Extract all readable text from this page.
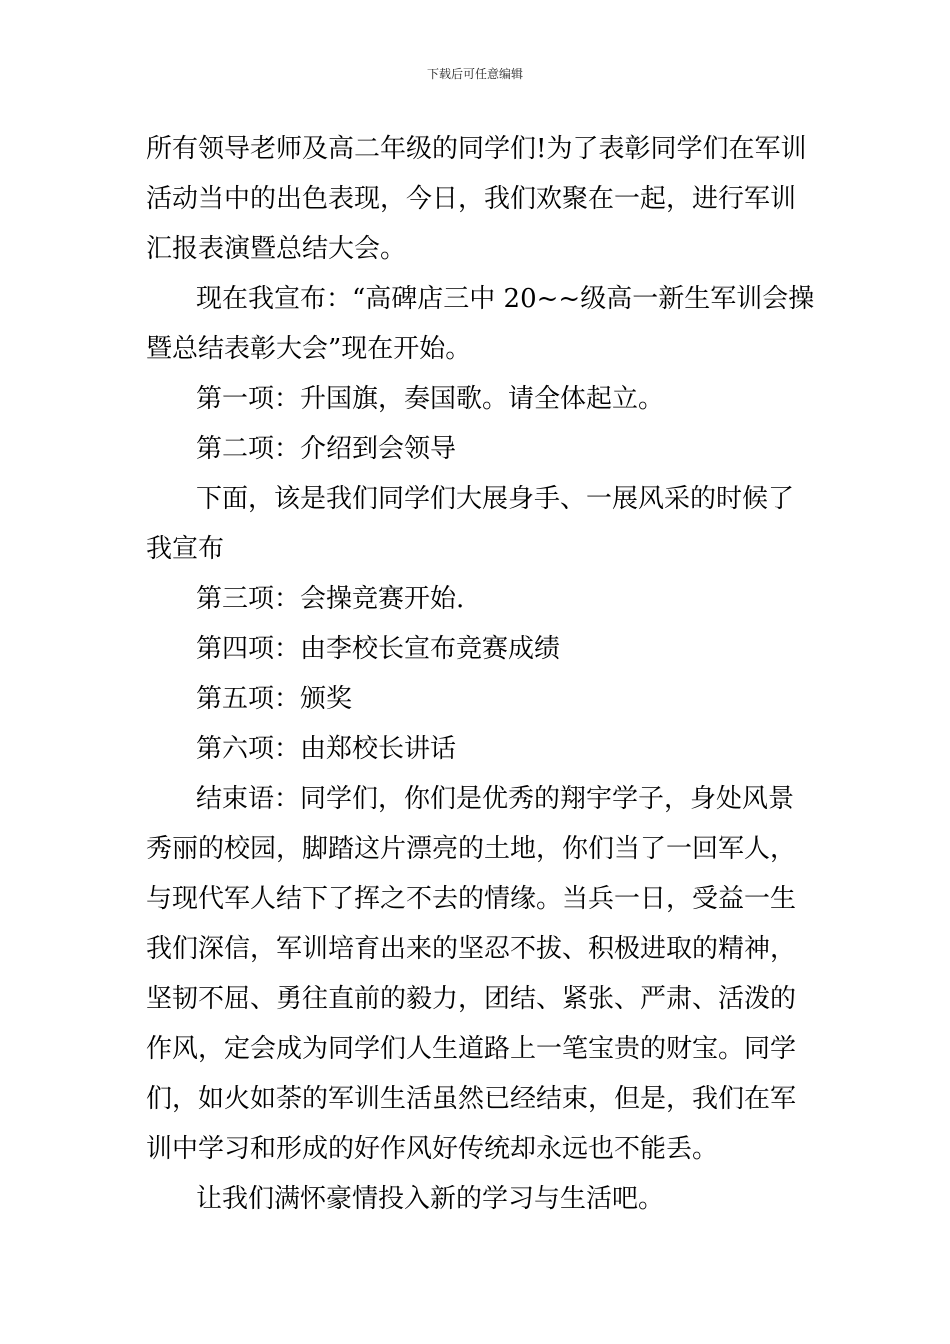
下载后可任意编辑
所有领导老师及高二年级的同学们!为了表彰同学们在军训
活动当中的出色表现，今日，我们欢聚在一起，进行军训
汇报表演暨总结大会。
现在我宣布：“高碑店三中 20~~级高一新生军训会操
暨总结表彰大会”现在开始。
第一项：升国旗，奏国歌。请全体起立。
第二项：介绍到会领导
下面，该是我们同学们大展身手、一展风采的时候了
我宣布
第三项：会操竞赛开始.
第四项：由李校长宣布竞赛成绩
第五项：颁奖
第六项：由郑校长讲话
结束语：同学们，你们是优秀的翔宇学子，身处风景
秀丽的校园，脚踏这片漂亮的土地，你们当了一回军人，
与现代军人结下了挥之不去的情缘。当兵一日，受益一生
我们深信，军训培育出来的坚忍不拔、积极进取的精神，
坚韧不屈、勇往直前的毅力，团结、紧张、严肃、活泼的
作风，定会成为同学们人生道路上一笔宝贵的财宝。同学
们，如火如荼的军训生活虽然已经结束，但是，我们在军
训中学习和形成的好作风好传统却永远也不能丢。
让我们满怀豪情投入新的学习与生活吧。
